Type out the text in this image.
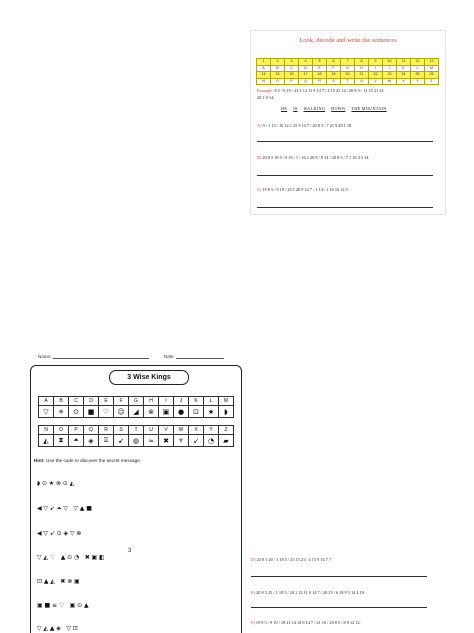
Look, decode and write the sentences
1	2	3	4	5	6	7	8	9	10	11	12	13
A	B	C	D	E	F	G	H	I	J	K	L	M
14	15	16	17	18	19	20	21	22	23	24	25	26
N	O	P	Q	R	S	T	U	V	W	X	Y	Z
Example: 8 5 / 9 19 / 23 1 12 11 9 14 7 / 4 15 23 14 / 20 8 5 / 13 15 21 14
20 1 9 14.
HE IS WALKING DOWN THE MOUNTAIN
A) 9 / 1 13 / 16 12 1 25 9 14 7 / 20 8 5 / 7 21 9 20 1 18.
B) 20 8 5 18 5 / 9 19 / 1 / 16 1 20 8 / 9 14 / 20 8 5 / 7 1 18 4 5 14.
C) 19 8 5 / 9 19 / 25 1 20 9 14 7 / 1 14 / 1 16 16 12 5.
Name:	Date:
3 Wise Kings
A	B	C	D	E	F	G	H	I	J	K	L	M
▽	✳	⊙	■	♡	☺	◢	⊗	▣	●	⊡	★	◗
N	O	P	Q	R	S	T	U	V	W	X	Y	Z
◭	⧗	⏶	◈	⍓	➹	◍	≈	✖	⩔	↙	◔	▰
Hint: Use the code to discover the secret message.
◗⊙★⊗⊙◭
◀▽➹⏶▽ ▽▲■
◀▽➹⊙◈▽⊗
3
▽◭♡ ▲⊙◔ ✖▣◧
⊡▲◭ ✖⊗▣
▣■≡♡ ▣⊙▲
▽◭▲◈ ▽⊡
D) 23 8 1 20 / 1 18 5 / 25 15 21 / 4 15 9 14 7 7
E) 20 8 5 25 / 1 18 5 / 20 1 12 11 9 14 7 / 20 15 / 6 18 9 5 14 4 19.
F) 19 8 5 / 9 19 / 18 21 14 14 9 14 7 / 21 16 / 20 8 5 / 8 9 12 12.
